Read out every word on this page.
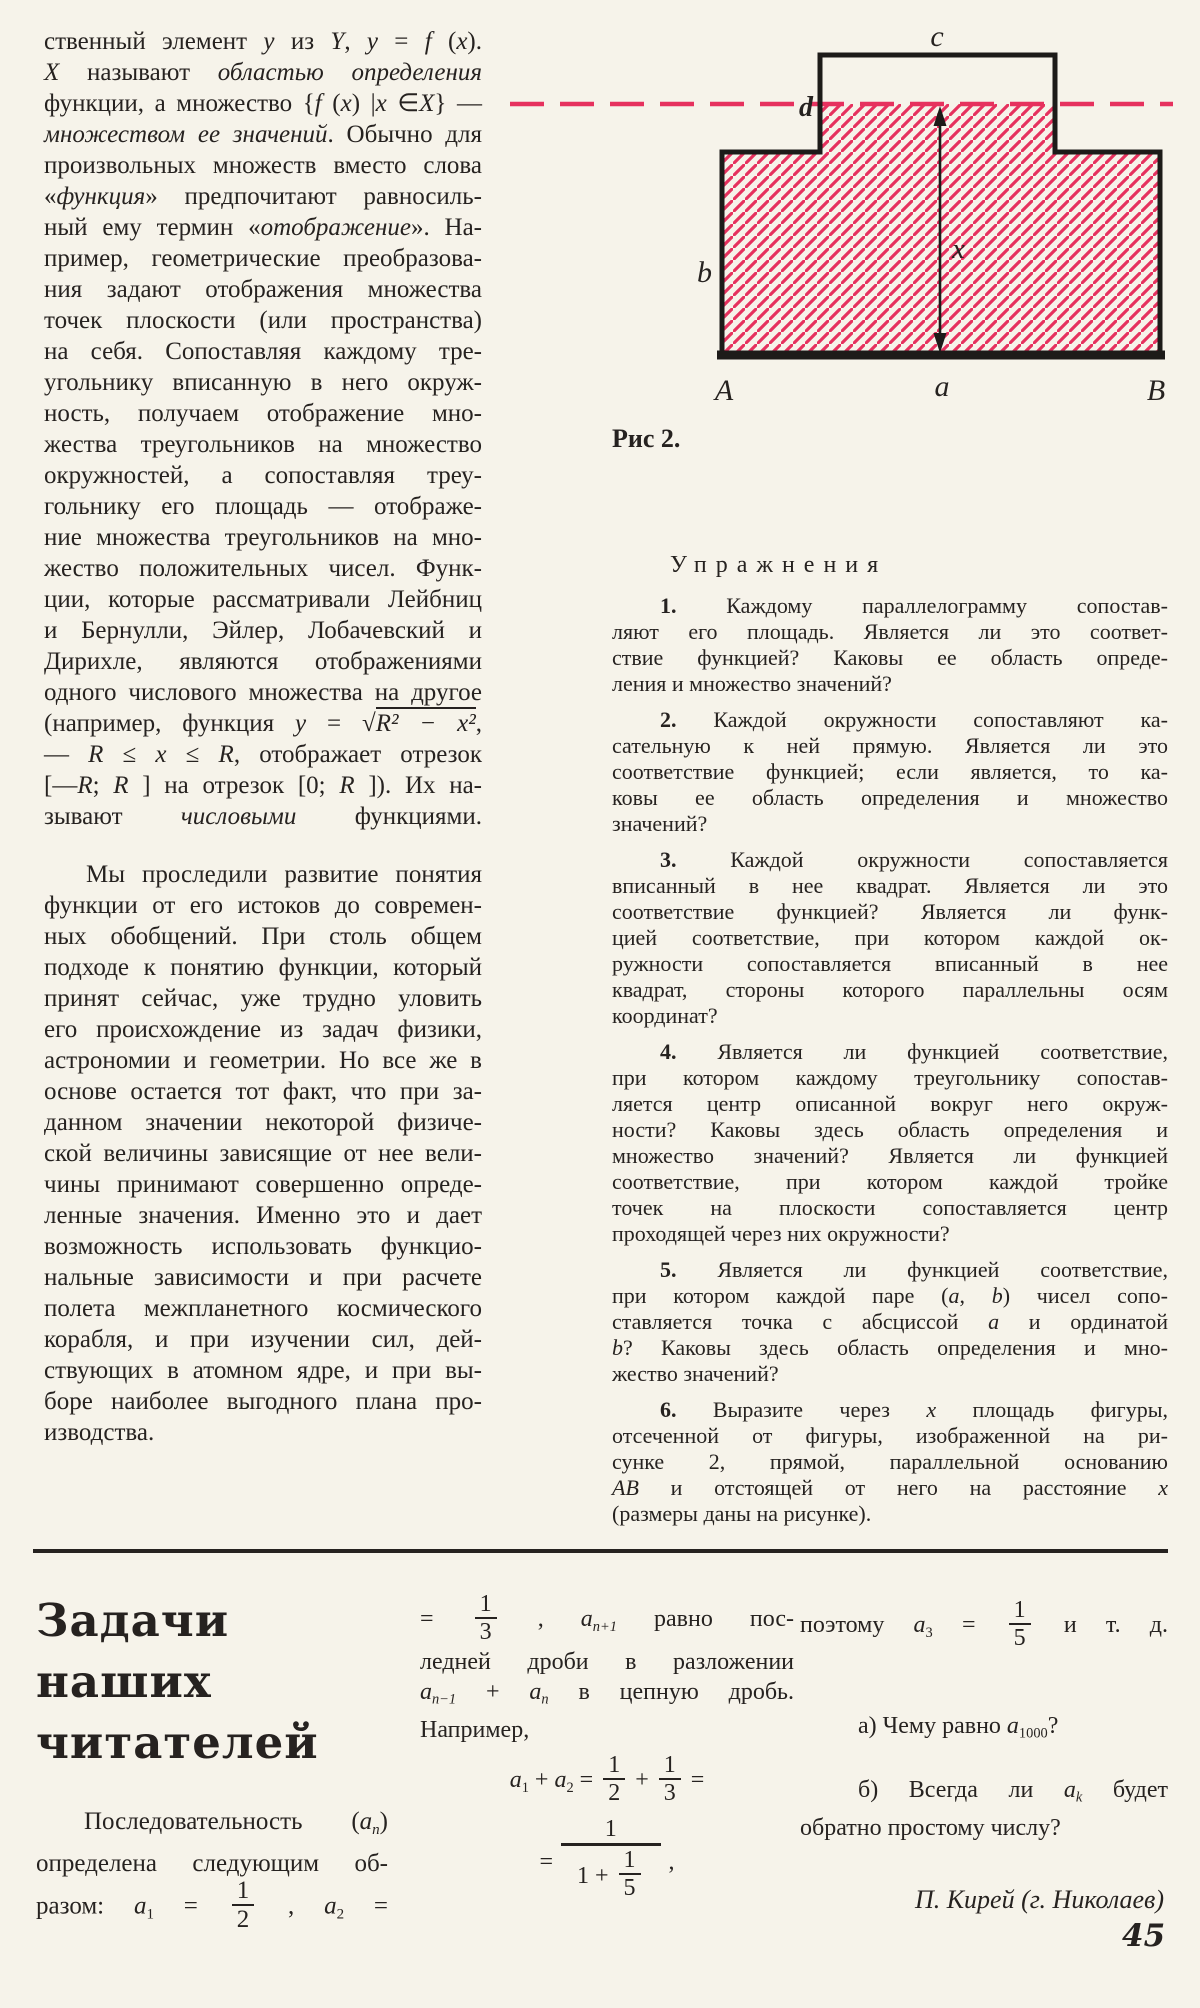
ственный элемент у из Y, y = f (x).
X называют областью определения
функции, а множество {f (x) |x ∈X} —
множеством ее значений. Обычно для
произвольных множеств вместо слова
«функция» предпочитают равносиль-
ный ему термин «отображение». На-
пример, геометрические преобразова-
ния задают отображения множества
точек плоскости (или пространства)
на себя. Сопоставляя каждому тре-
угольнику вписанную в него окруж-
ность, получаем отображение мно-
жества треугольников на множество
окружностей, а сопоставляя треу-
гольнику его площадь — отображе-
ние множества треугольников на мно-
жество положительных чисел. Функ-
ции, которые рассматривали Лейбниц
и Бернулли, Эйлер, Лобачевский и
Дирихле, являются отображениями
одного числового множества на другое
(например, функция y = √R² − x²,
— R ≤ x ≤ R, отображает отрезок
[—R; R ] на отрезок [0; R ]). Их на-
зывают числовыми функциями.
Мы проследили развитие понятия
функции от его истоков до современ-
ных обобщений. При столь общем
подходе к понятию функции, который
принят сейчас, уже трудно уловить
его происхождение из задач физики,
астрономии и геометрии. Но все же в
основе остается тот факт, что при за-
данном значении некоторой физиче-
ской величины зависящие от нее вели-
чины принимают совершенно опреде-
ленные значения. Именно это и дает
возможность использовать функцио-
нальные зависимости и при расчете
полета межпланетного космического
корабля, и при изучении сил, дей-
ствующих в атомном ядре, и при вы-
боре наиболее выгодного плана про-
изводства.
c
d
b
x
a
A	B
Рис 2.
Упражнения
1. Каждому параллелограмму сопостав-
ляют его площадь. Является ли это соответ-
ствие функцией? Каковы ее область опреде-
ления и множество значений?
2. Каждой окружности сопоставляют ка-
сательную к ней прямую. Является ли это
соответствие функцией; если является, то ка-
ковы ее область определения и множество
значений?
3. Каждой окружности сопоставляется
вписанный в нее квадрат. Является ли это
соответствие функцией? Является ли функ-
цией соответствие, при котором каждой ок-
ружности сопоставляется вписанный в нее
квадрат, стороны которого параллельны осям
координат?
4. Является ли функцией соответствие,
при котором каждому треугольнику сопостав-
ляется центр описанной вокруг него окруж-
ности? Каковы здесь область определения и
множество значений? Является ли функцией
соответствие, при котором каждой тройке
точек на плоскости сопоставляется центр
проходящей через них окружности?
5. Является ли функцией соответствие,
при котором каждой паре (a, b) чисел сопо-
ставляется точка с абсциссой a и ординатой
b? Каковы здесь область определения и мно-
жество значений?
6. Выразите через x площадь фигуры,
отсеченной от фигуры, изображенной на ри-
сунке 2, прямой, параллельной основанию
AB и отстоящей от него на расстояние x
(размеры даны на рисунке).
Задачи
наших
читателей
Последовательность (an)
определена следующим об-
разом: $a1 = \frac{1}{2}$ , a2 =
= $\frac{1}{3}$ , an+1 равно пос-
ледней дроби в разложении
an−1 + an в цепную дробь.
Например,
$a1 + a2 = \frac{1}{2} + \frac{1}{3}$ =
= $\frac{1}{1 + \frac{1}{5}}$ ,
поэтому $a3 = \frac{1}{5}$ и т. д.
а) Чему равно a1000?
б) Всегда ли ak будет
обратно простому числу?
П. Кирей (г. Николаев)
45
